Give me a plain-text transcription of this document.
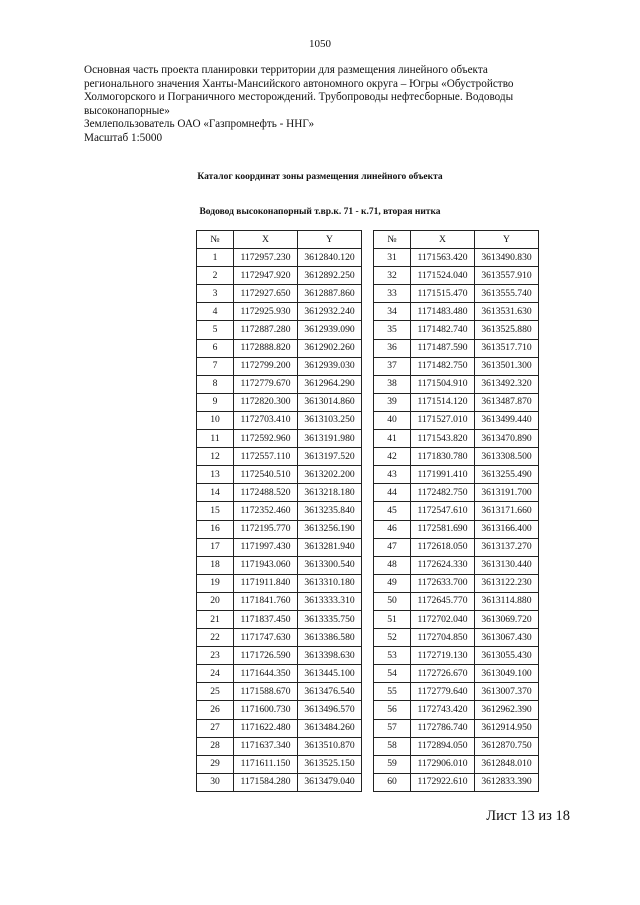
1050
Основная часть проекта планировки территории для размещения линейного объекта
регионального значения Ханты-Мансийского автономного округа – Югры «Обустройство
Холмогорского и Пограничного месторождений. Трубопроводы нефтесборные. Водоводы
высоконапорные»
Землепользователь ОАО «Газпромнефть - ННГ»
Масштаб 1:5000
Каталог координат зоны размещения линейного объекта
Водовод высоконапорный т.вр.к. 71 - к.71, вторая нитка
№	X	Y
1	1172957.230	3612840.120
2	1172947.920	3612892.250
3	1172927.650	3612887.860
4	1172925.930	3612932.240
5	1172887.280	3612939.090
6	1172888.820	3612902.260
7	1172799.200	3612939.030
8	1172779.670	3612964.290
9	1172820.300	3613014.860
10	1172703.410	3613103.250
11	1172592.960	3613191.980
12	1172557.110	3613197.520
13	1172540.510	3613202.200
14	1172488.520	3613218.180
15	1172352.460	3613235.840
16	1172195.770	3613256.190
17	1171997.430	3613281.940
18	1171943.060	3613300.540
19	1171911.840	3613310.180
20	1171841.760	3613333.310
21	1171837.450	3613335.750
22	1171747.630	3613386.580
23	1171726.590	3613398.630
24	1171644.350	3613445.100
25	1171588.670	3613476.540
26	1171600.730	3613496.570
27	1171622.480	3613484.260
28	1171637.340	3613510.870
29	1171611.150	3613525.150
30	1171584.280	3613479.040
№	X	Y
31	1171563.420	3613490.830
32	1171524.040	3613557.910
33	1171515.470	3613555.740
34	1171483.480	3613531.630
35	1171482.740	3613525.880
36	1171487.590	3613517.710
37	1171482.750	3613501.300
38	1171504.910	3613492.320
39	1171514.120	3613487.870
40	1171527.010	3613499.440
41	1171543.820	3613470.890
42	1171830.780	3613308.500
43	1171991.410	3613255.490
44	1172482.750	3613191.700
45	1172547.610	3613171.660
46	1172581.690	3613166.400
47	1172618.050	3613137.270
48	1172624.330	3613130.440
49	1172633.700	3613122.230
50	1172645.770	3613114.880
51	1172702.040	3613069.720
52	1172704.850	3613067.430
53	1172719.130	3613055.430
54	1172726.670	3613049.100
55	1172779.640	3613007.370
56	1172743.420	3612962.390
57	1172786.740	3612914.950
58	1172894.050	3612870.750
59	1172906.010	3612848.010
60	1172922.610	3612833.390
Лист 13 из 18
